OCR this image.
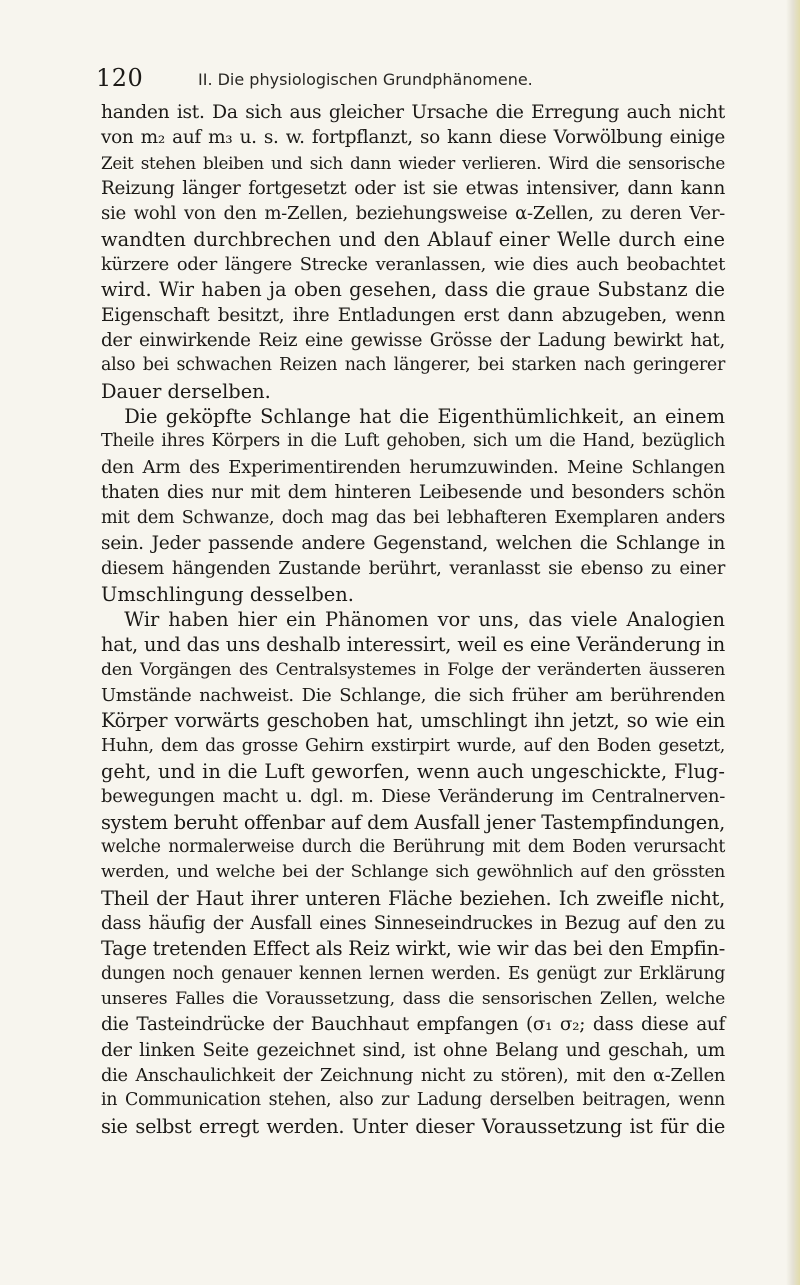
120	II. Die physiologischen Grundphänomene.
handen ist. Da sich aus gleicher Ursache die Erregung auch nicht
von m₂ auf m₃ u. s. w. fortpflanzt, so kann diese Vorwölbung einige
Zeit stehen bleiben und sich dann wieder verlieren. Wird die sensorische
Reizung länger fortgesetzt oder ist sie etwas intensiver, dann kann
sie wohl von den m-Zellen, beziehungsweise α-Zellen, zu deren Ver-
wandten durchbrechen und den Ablauf einer Welle durch eine
kürzere oder längere Strecke veranlassen, wie dies auch beobachtet
wird. Wir haben ja oben gesehen, dass die graue Substanz die
Eigenschaft besitzt, ihre Entladungen erst dann abzugeben, wenn
der einwirkende Reiz eine gewisse Grösse der Ladung bewirkt hat,
also bei schwachen Reizen nach längerer, bei starken nach geringerer
Dauer derselben.
Die geköpfte Schlange hat die Eigenthümlichkeit, an einem
Theile ihres Körpers in die Luft gehoben, sich um die Hand, bezüglich
den Arm des Experimentirenden herumzuwinden. Meine Schlangen
thaten dies nur mit dem hinteren Leibesende und besonders schön
mit dem Schwanze, doch mag das bei lebhafteren Exemplaren anders
sein. Jeder passende andere Gegenstand, welchen die Schlange in
diesem hängenden Zustande berührt, veranlasst sie ebenso zu einer
Umschlingung desselben.
Wir haben hier ein Phänomen vor uns, das viele Analogien
hat, und das uns deshalb interessirt, weil es eine Veränderung in
den Vorgängen des Centralsystemes in Folge der veränderten äusseren
Umstände nachweist. Die Schlange, die sich früher am berührenden
Körper vorwärts geschoben hat, umschlingt ihn jetzt, so wie ein
Huhn, dem das grosse Gehirn exstirpirt wurde, auf den Boden gesetzt,
geht, und in die Luft geworfen, wenn auch ungeschickte, Flug-
bewegungen macht u. dgl. m. Diese Veränderung im Centralnerven-
system beruht offenbar auf dem Ausfall jener Tastempfindungen,
welche normalerweise durch die Berührung mit dem Boden verursacht
werden, und welche bei der Schlange sich gewöhnlich auf den grössten
Theil der Haut ihrer unteren Fläche beziehen. Ich zweifle nicht,
dass häufig der Ausfall eines Sinneseindruckes in Bezug auf den zu
Tage tretenden Effect als Reiz wirkt, wie wir das bei den Empfin-
dungen noch genauer kennen lernen werden. Es genügt zur Erklärung
unseres Falles die Voraussetzung, dass die sensorischen Zellen, welche
die Tasteindrücke der Bauchhaut empfangen (σ₁ σ₂; dass diese auf
der linken Seite gezeichnet sind, ist ohne Belang und geschah, um
die Anschaulichkeit der Zeichnung nicht zu stören), mit den α-Zellen
in Communication stehen, also zur Ladung derselben beitragen, wenn
sie selbst erregt werden. Unter dieser Voraussetzung ist für die
